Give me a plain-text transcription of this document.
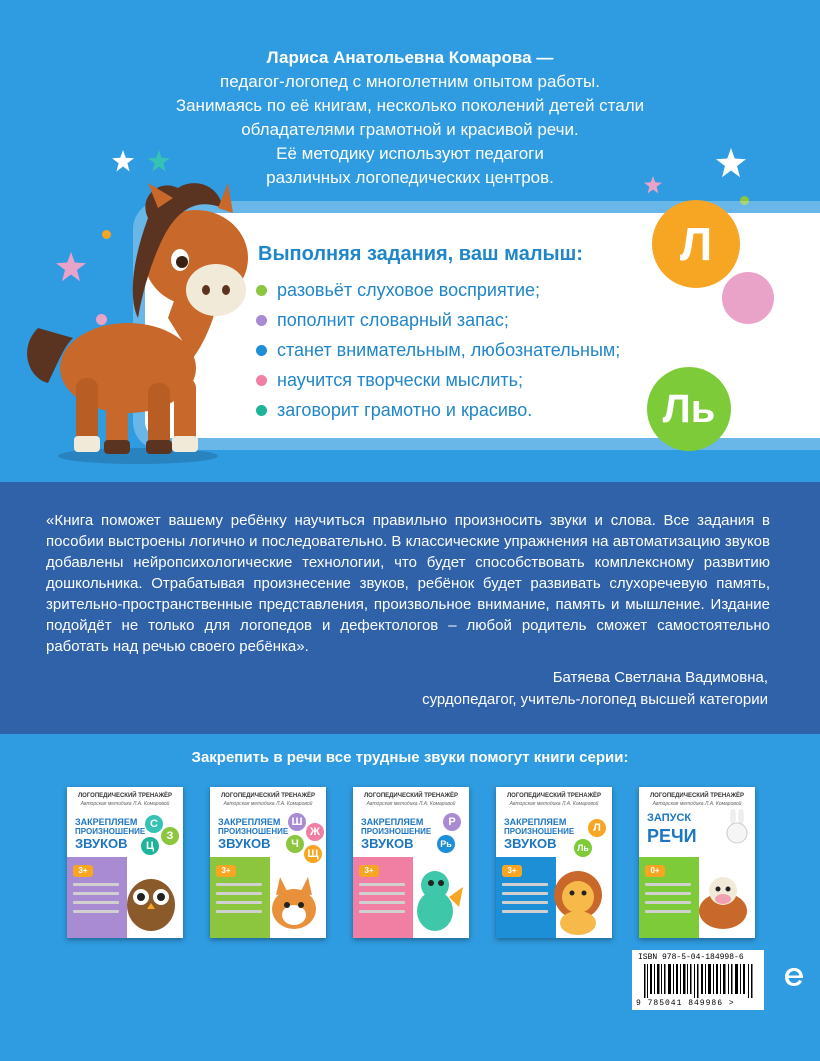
Лариса Анатольевна Комарова —
педагог-логопед с многолетним опытом работы.
Занимаясь по её книгам, несколько поколений детей стали
обладателями грамотной и красивой речи.
Её методику используют педагоги
различных логопедических центров.
Выполняя задания, ваш малыш:
разовьёт слуховое восприятие;
пополнит словарный запас;
станет внимательным, любознательным;
научится творчески мыслить;
заговорит грамотно и красиво.
Л
Ль
«Книга поможет вашему ребёнку научиться правильно произносить звуки и слова. Все задания в пособии выстроены логично и последовательно. В классические упражнения на автоматизацию звуков добавлены нейропсихологические технологии, что будет способствовать комплексному развитию дошкольника. Отрабатывая произнесение звуков, ребёнок будет развивать слухоречевую память, зрительно-пространственные представления, произвольное внимание, память и мышление. Издание подойдёт не только для логопедов и дефектологов – любой родитель сможет самостоятельно работать над речью своего ребёнка».
Батяева Светлана Вадимовна,
сурдопедагог, учитель-логопед высшей категории
Закрепить в речи все трудные звуки помогут книги серии:
ЛОГОПЕДИЧЕСКИЙ ТРЕНАЖЁР
Авторская методика Л.А. Комаровой
ЗАКРЕПЛЯЕМ
ПРОИЗНОШЕНИЕ
ЗВУКОВ
С
З
Ц
3+
ЛОГОПЕДИЧЕСКИЙ ТРЕНАЖЁР
Авторская методика Л.А. Комаровой
ЗАКРЕПЛЯЕМ
ПРОИЗНОШЕНИЕ
ЗВУКОВ
Ш
Ж
Ч
Щ
3+
ЛОГОПЕДИЧЕСКИЙ ТРЕНАЖЁР
Авторская методика Л.А. Комаровой
ЗАКРЕПЛЯЕМ
ПРОИЗНОШЕНИЕ
ЗВУКОВ
Р
Рь
3+
ЛОГОПЕДИЧЕСКИЙ ТРЕНАЖЁР
Авторская методика Л.А. Комаровой
ЗАКРЕПЛЯЕМ
ПРОИЗНОШЕНИЕ
ЗВУКОВ
Л
Ль
3+
ЛОГОПЕДИЧЕСКИЙ ТРЕНАЖЁР
Авторская методика Л.А. Комаровой
ЗАПУСК
РЕЧИ
0+
ISBN 978-5-04-184998-6
9 785041 849986 >
